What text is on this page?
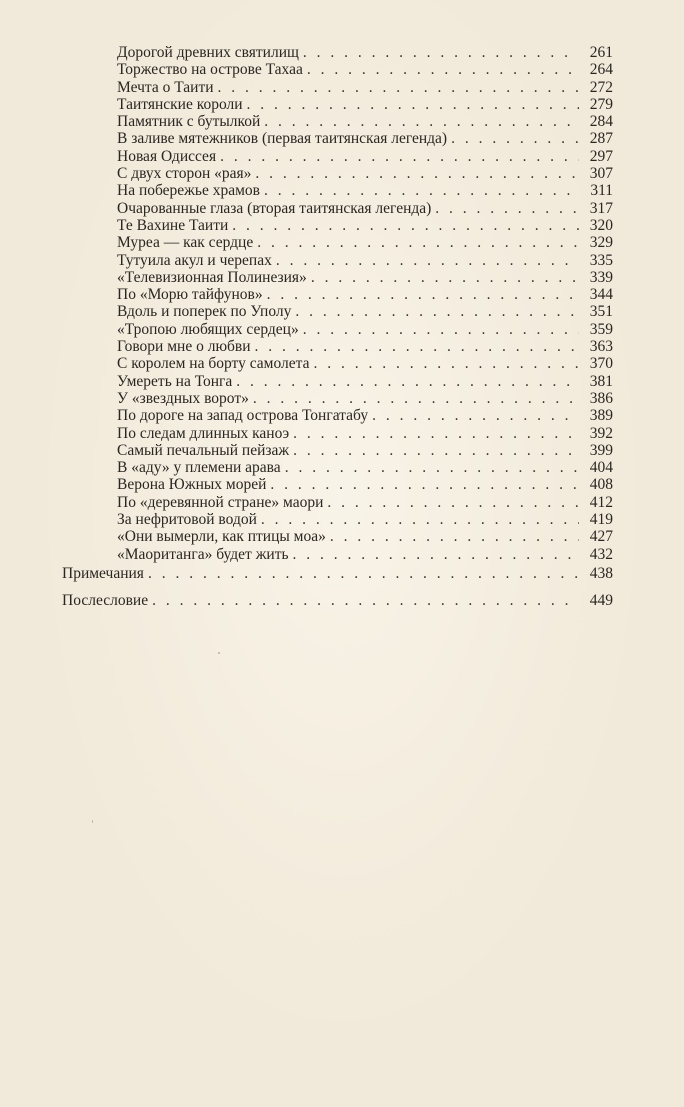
Дорогой древних святилищ . . .	261
Торжество на острове Тахаа . . .	264
Мечта о Таити . . .	272
Таитянские короли . . .	279
Памятник с бутылкой . . .	284
В заливе мятежников (первая таитянская легенда) . . .	287
Новая Одиссея . . .	297
С двух сторон «рая» . . .	307
На побережье храмов . . .	311
Очарованные глаза (вторая таитянская легенда) . . .	317
Те Вахине Таити . . .	320
Муреа — как сердце . . .	329
Тутуила акул и черепах . . .	335
«Телевизионная Полинезия» . . .	339
По «Морю тайфунов» . . .	344
Вдоль и поперек по Уполу . . .	351
«Тропою любящих сердец» . . .	359
Говори мне о любви . . .	363
С королем на борту самолета . . .	370
Умереть на Тонга . . .	381
У «звездных ворот» . . .	386
По дороге на запад острова Тонгатабу . . .	389
По следам длинных каноэ . . .	392
Самый печальный пейзаж . . .	399
В «аду» у племени арава . . .	404
Верона Южных морей . . .	408
По «деревянной стране» маори . . .	412
За нефритовой водой . . .	419
«Они вымерли, как птицы моа» . . .	427
«Маоританга» будет жить . . .	432
Примечания . . .	438
Послесловие . . .	449
